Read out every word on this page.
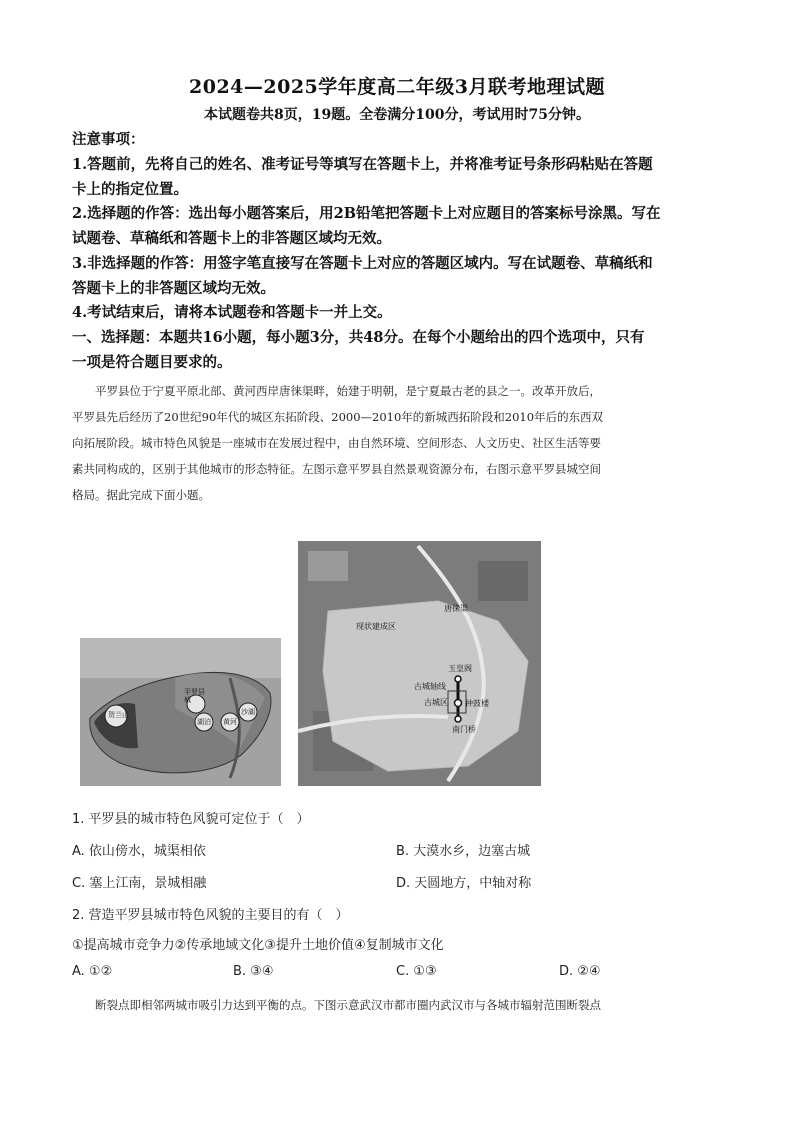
2024—2025学年度高二年级3月联考地理试题
本试题卷共8页，19题。全卷满分100分，考试用时75分钟。
注意事项：
1.答题前，先将自己的姓名、准考证号等填写在答题卡上，并将准考证号条形码粘贴在答题
卡上的指定位置。
2.选择题的作答：选出每小题答案后，用2B铅笔把答题卡上对应题目的答案标号涂黑。写在
试题卷、草稿纸和答题卡上的非答题区域均无效。
3.非选择题的作答：用签字笔直接写在答题卡上对应的答题区域内。写在试题卷、草稿纸和
答题卡上的非答题区域均无效。
4.考试结束后，请将本试题卷和答题卡一并上交。
一、选择题：本题共16小题，每小题3分，共48分。在每个小题给出的四个选项中，只有
一项是符合题目要求的。
平罗县位于宁夏平原北部、黄河西岸唐徕渠畔，始建于明朝，是宁夏最古老的县之一。改革开放后，
平罗县先后经历了20世纪90年代的城区东拓阶段、2000—2010年的新城西拓阶段和2010年后的东西双
向拓展阶段。城市特色风貌是一座城市在发展过程中，由自然环境、空间形态、人文历史、社区生活等要
素共同构成的，区别于其他城市的形态特征。左图示意平罗县自然景观资源分布，右图示意平罗县城空间
格局。据此完成下面小题。
贺兰山
平罗县城
湖泊 黄河
沙湖
现状建成区
唐徕渠
玉皇阁
古城轴线
古城区 钟鼓楼
南门桥
1. 平罗县的城市特色风貌可定位于（　）
A. 依山傍水，城渠相依	B. 大漠水乡，边塞古城
C. 塞上江南，景城相融	D. 天圆地方，中轴对称
2. 营造平罗县城市特色风貌的主要目的有（　）
①提高城市竞争力②传承地域文化③提升土地价值④复制城市文化
A. ①②	B. ③④	C. ①③	D. ②④
断裂点即相邻两城市吸引力达到平衡的点。下图示意武汉市都市圈内武汉市与各城市辐射范围断裂点
